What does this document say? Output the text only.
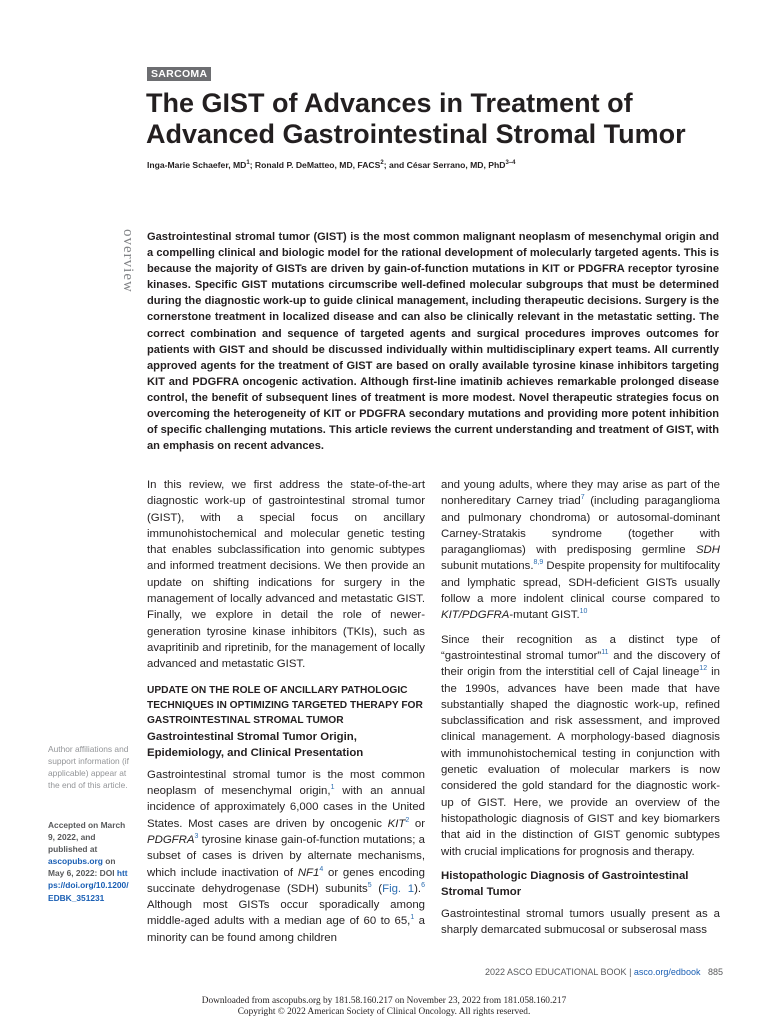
SARCOMA
The GIST of Advances in Treatment of Advanced Gastrointestinal Stromal Tumor
Inga-Marie Schaefer, $MD^1$; Ronald P. DeMatteo, MD, FACS$^2$; and César Serrano, MD, PhD$^{3-4}$
overview Gastrointestinal stromal tumor (GIST) is the most common malignant neoplasm of mesenchymal origin and a compelling clinical and biologic model for the rational development of molecularly targeted agents. This is because the majority of GISTs are driven by gain-of-function mutations in KIT or PDGFRA receptor tyrosine kinases. Specific GIST mutations circumscribe well-defined molecular subgroups that must be determined during the diagnostic work-up to guide clinical management, including therapeutic decisions. Surgery is the cornerstone treatment in localized disease and can also be clinically relevant in the metastatic setting. The correct combination and sequence of targeted agents and surgical procedures improves outcomes for patients with GIST and should be discussed individually within multidisciplinary expert teams. All currently approved agents for the treatment of GIST are based on orally available tyrosine kinase inhibitors targeting KIT and PDGFRA oncogenic activation. Although first-line imatinib achieves remarkable prolonged disease control, the benefit of subsequent lines of treatment is more modest. Novel therapeutic strategies focus on overcoming the heterogeneity of KIT or PDGFRA secondary mutations and providing more potent inhibition of specific challenging mutations. This article reviews the current understanding and treatment of GIST, with an emphasis on recent advances.

In this review, we first address the state-of-the-art diagnostic work-up of gastrointestinal stromal tumor (GIST), with a special focus on ancillary immunohistochemical and molecular genetic testing that enables subclassification into genomic subtypes and informed treatment decisions. We then provide an update on shifting indications for surgery in the management of locally advanced and metastatic GIST. Finally, we explore in detail the role of newer-generation tyrosine kinase inhibitors (TKIs), such as avapritinib and ripretinib, for the management of locally advanced and metastatic GIST.

UPDATE ON THE ROLE OF ANCILLARY PATHOLOGIC TECHNIQUES IN OPTIMIZING TARGETED THERAPY FOR GASTROINTESTINAL STROMAL TUMOR
Gastrointestinal Stromal Tumor Origin, Epidemiology, and Clinical Presentation

Gastrointestinal stromal tumor is the most common neoplasm of mesenchymal origin,$^1$ with an annual incidence of approximately 6,000 cases in the United States. Most cases are driven by oncogenic KIT$^2$ or PDGFRA$^3$ tyrosine kinase gain-of-function mutations; a subset of cases is driven by alternate mechanisms, which include inactivation of $NF1^4$ or genes encoding succinate dehydrogenase (SDH) subunits$^5$ (Fig. 1).$^6$ Although most GISTs occur sporadically among middle-aged adults with a median age of 60 to 65,$^1$ a minority can be found among children

and young adults, where they may arise as part of the nonhereditary Carney triad$^7$ (including paraganglioma and pulmonary chondroma) or autosomal-dominant Carney-Stratakis syndrome (together with paragangliomas) with predisposing germline SDH subunit mutations.$^{8,9}$ Despite propensity for multifocality and lymphatic spread, SDH-deficient GISTs usually follow a more indolent clinical course compared to KIT/PDGFRA-mutant GIST.$^{10}$

Since their recognition as a distinct type of “gastrointestinal stromal tumor”$^{11}$ and the discovery of their origin from the interstitial cell of Cajal lineage$^{12}$ in the 1990s, advances have been made that have substantially shaped the diagnostic work-up, refined subclassification and risk assessment, and improved clinical management. A morphology-based diagnosis with immunohistochemical testing in conjunction with genetic evaluation of molecular markers is now considered the gold standard for the diagnostic work-up of GIST. Here, we provide an overview of the histopathologic diagnosis of GIST and key biomarkers that aid in the distinction of GIST genomic subtypes with crucial implications for prognosis and therapy.

Histopathologic Diagnosis of Gastrointestinal Stromal Tumor

Gastrointestinal stromal tumors usually present as a sharply demarcated submucosal or subserosal mass

Author affiliations and support information (if applicable) appear at the end of this article.

Accepted on March 9, 2022, and published at ascopubs.org on May 6, 2022: DOI https://doi.org/10.1200/EDBK_351231

2022 ASCO EDUCATIONAL BOOK | asco.org/edbook 885
Downloaded from ascopubs.org by 181.58.160.217 on November 23, 2022 from 181.058.160.217
Copyright © 2022 American Society of Clinical Oncology. All rights reserved.
